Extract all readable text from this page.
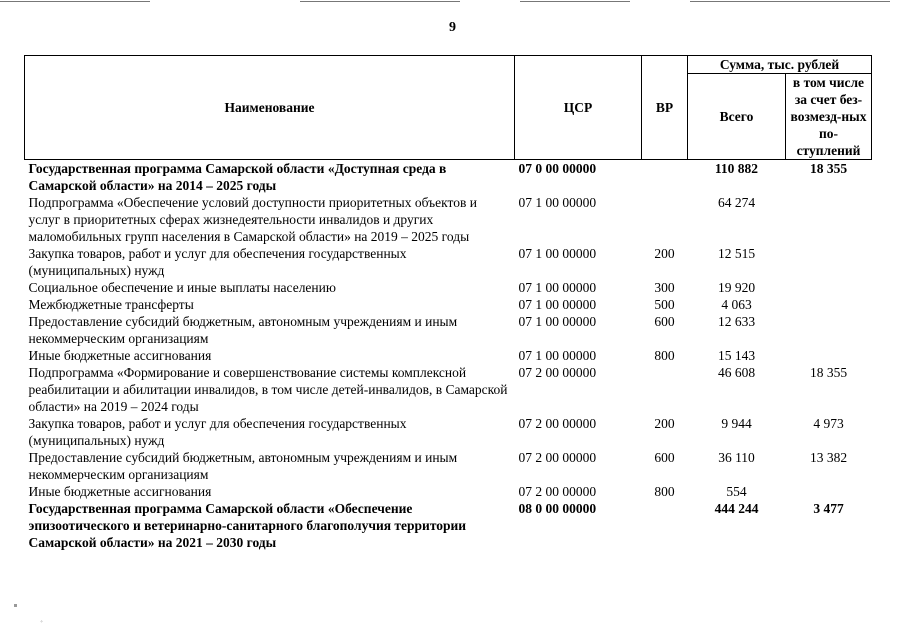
9
Наименование	ЦСР	ВР	Сумма, тыс. рублей	
			Всего	в том числе за счет без-возмезд-ных по-ступлений
Государственная программа Самарской области «Доступная среда в Самарской области» на 2014 – 2025 годы	07 0 00 00000		110 882	18 355
Подпрограмма «Обеспечение условий доступности приоритетных объектов и услуг в приоритетных сферах жизнедеятельности инвалидов и других маломобильных групп населения в Самарской области» на 2019 – 2025 годы	07 1 00 00000		64 274	
Закупка товаров, работ и услуг для обеспечения государственных (муниципальных) нужд	07 1 00 00000	200	12 515	
Социальное обеспечение и иные выплаты населению	07 1 00 00000	300	19 920	
Межбюджетные трансферты	07 1 00 00000	500	4 063	
Предоставление субсидий бюджетным, автономным учреждениям и иным некоммерческим организациям	07 1 00 00000	600	12 633	
Иные бюджетные ассигнования	07 1 00 00000	800	15 143	
Подпрограмма «Формирование и совершенствование системы комплексной реабилитации и абилитации инвалидов, в том числе детей-инвалидов, в Самарской области» на 2019 – 2024 годы	07 2 00 00000		46 608	18 355
Закупка товаров, работ и услуг для обеспечения государственных (муниципальных) нужд	07 2 00 00000	200	9 944	4 973
Предоставление субсидий бюджетным, автономным учреждениям и иным некоммерческим организациям	07 2 00 00000	600	36 110	13 382
Иные бюджетные ассигнования	07 2 00 00000	800	554	
Государственная программа Самарской области «Обеспечение эпизоотического и ветеринарно-санитарного благополучия территории Самарской области» на 2021 – 2030 годы	08 0 00 00000		444 244	3 477
ﾞ
